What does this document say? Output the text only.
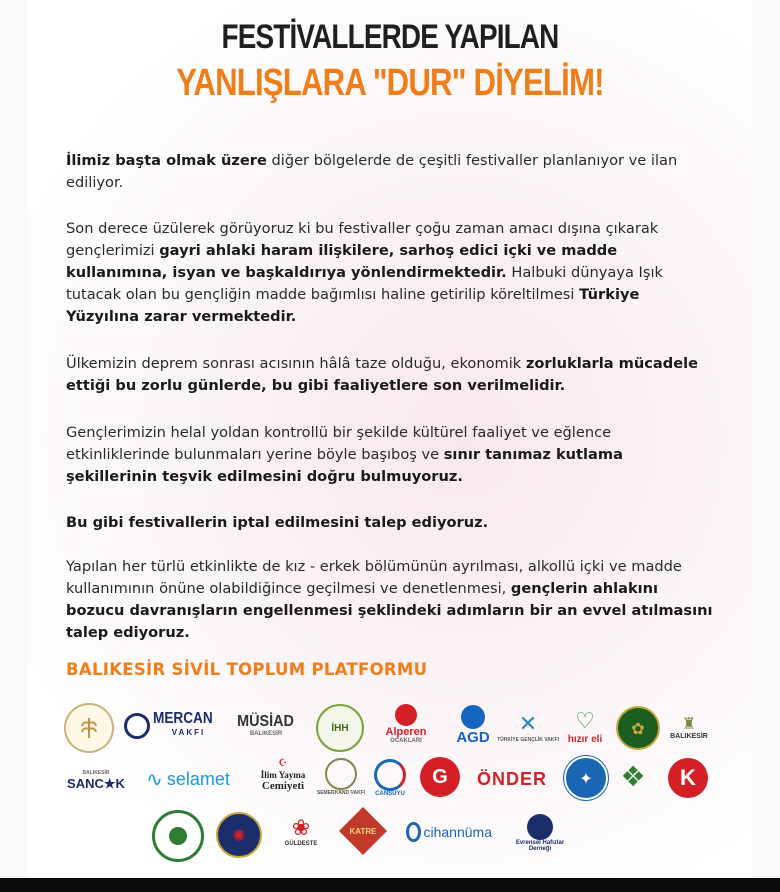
FESTİVALLERDE YAPILAN
YANLIŞLARA "DUR" DİYELİM!
İlimiz başta olmak üzere diğer bölgelerde de çeşitli festivaller planlanıyor ve ilan ediliyor.
Son derece üzülerek görüyoruz ki bu festivaller çoğu zaman amacı dışına çıkarak gençlerimizi gayri ahlaki haram ilişkilere, sarhoş edici içki ve madde kullanımına, isyan ve başkaldırıya yönlendirmektedir. Halbuki dünyaya Işık tutacak olan bu gençliğin madde bağımlısı haline getirilip köreltilmesi Türkiye Yüzyılına zarar vermektedir.
Ülkemizin deprem sonrası acısının hâlâ taze olduğu, ekonomik zorluklarla mücadele ettiği bu zorlu günlerde, bu gibi faaliyetlere son verilmelidir.
Gençlerimizin helal yoldan kontrollü bir şekilde kültürel faaliyet ve eğlence etkinliklerinde bulunmaları yerine böyle başıboş ve sınır tanımaz kutlama şekillerinin teşvik edilmesini doğru bulmuyoruz.
Bu gibi festivallerin iptal edilmesini talep ediyoruz.
Yapılan her türlü etkinlikte de kız - erkek bölümünün ayrılması, alkollü içki ve madde kullanımının önüne olabildiğince geçilmesi ve denetlenmesi, gençlerin ahlakını bozucu davranışların engellenmesi şeklindeki adımların bir an evvel atılmasını talep ediyoruz.
BALIKESİR SİVİL TOPLUM PLATFORMU
MERCAN
VAKFI
MÜSİAD
BALIKESİR
İHH	Alperen
OCAKLARI AGD ✕
TÜRKİYE GENÇLİK VAKFI
♡
hızır eli
✿ ♜
BALIKESİR
BALIKESİR
SANC★K ∿ selamet
☪
İlim Yayma
Cemiyeti
SEMERKAND VAKFI CANSUYU
G ÖNDER ✦ ❖ K
✺ ❀
GÜLDESTE
KATRE	cihannüma
Evrensel Hafızlar
Derneği
